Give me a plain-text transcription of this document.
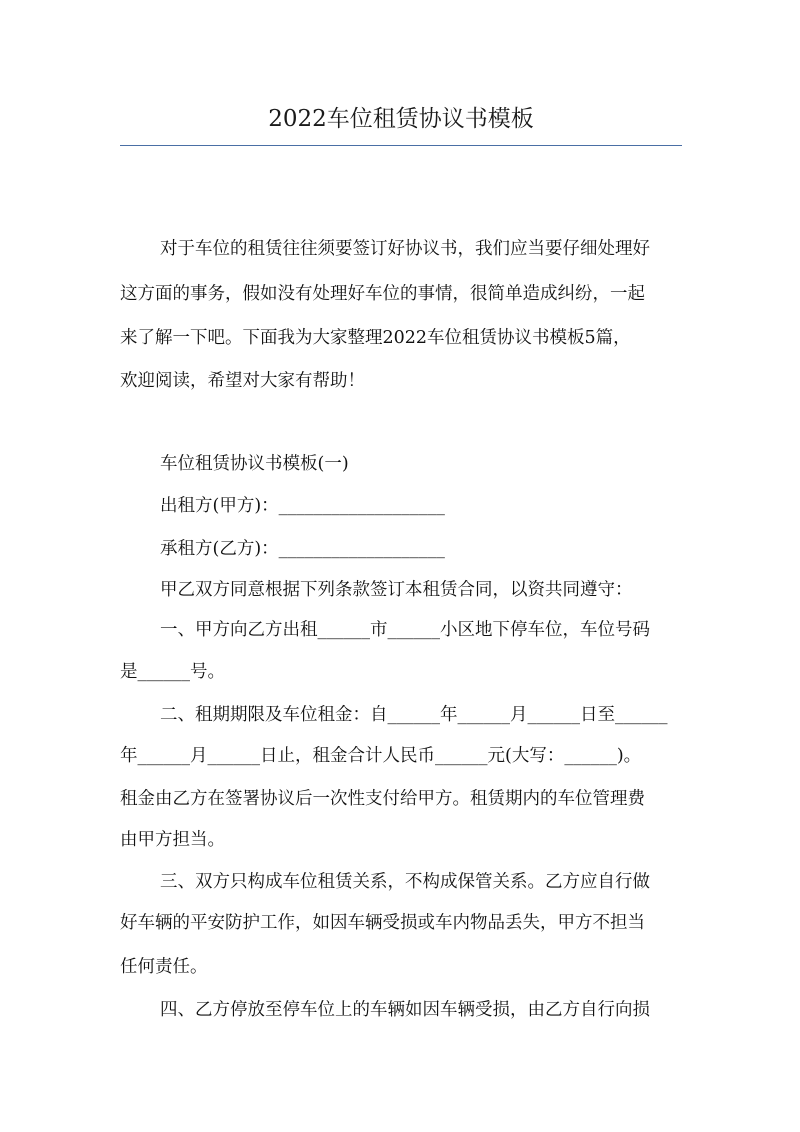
2022车位租赁协议书模板
对于车位的租赁往往须要签订好协议书，我们应当要仔细处理好
这方面的事务，假如没有处理好车位的事情，很简单造成纠纷，一起
来了解一下吧。下面我为大家整理2022车位租赁协议书模板5篇，
欢迎阅读，希望对大家有帮助！
车位租赁协议书模板(一)
出租方(甲方)：___________________
承租方(乙方)：___________________
甲乙双方同意根据下列条款签订本租赁合同，以资共同遵守：
一、甲方向乙方出租______市______小区地下停车位，车位号码
是______号。
二、租期期限及车位租金：自______年______月______日至______
年______月______日止，租金合计人民币______元(大写：______)。
租金由乙方在签署协议后一次性支付给甲方。租赁期内的车位管理费
由甲方担当。
三、双方只构成车位租赁关系，不构成保管关系。乙方应自行做
好车辆的平安防护工作，如因车辆受损或车内物品丢失，甲方不担当
任何责任。
四、乙方停放至停车位上的车辆如因车辆受损，由乙方自行向损
